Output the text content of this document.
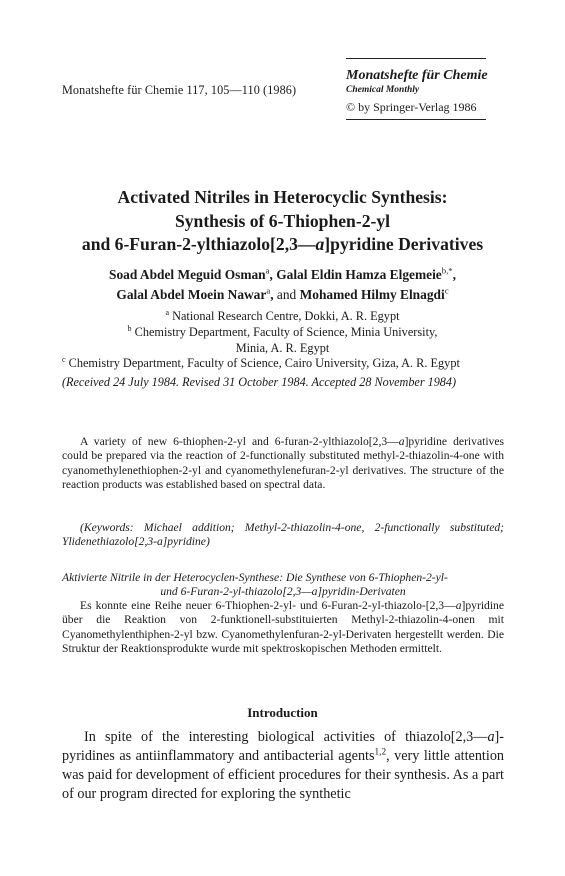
Monatshefte für Chemie 117, 105—110 (1986)
Monatshefte für Chemie
Chemical Monthly
© by Springer-Verlag 1986
Activated Nitriles in Heterocyclic Synthesis:
Synthesis of 6-Thiophen-2-yl
and 6-Furan-2-ylthiazolo[2,3—a]pyridine Derivatives
Soad Abdel Meguid Osman$^a$, Galal Eldin Hamza Elgemeie$^{b,*}$,
Galal Abdel Moein Nawar$^a$, and Mohamed Hilmy Elnagdi$^c$
$^a$ National Research Centre, Dokki, A. R. Egypt
$^b$ Chemistry Department, Faculty of Science, Minia University,
Minia, A. R. Egypt
$^c$ Chemistry Department, Faculty of Science, Cairo University, Giza, A. R. Egypt
(Received 24 July 1984. Revised 31 October 1984. Accepted 28 November 1984)

A variety of new 6-thiophen-2-yl and 6-furan-2-ylthiazolo[2,3—a]pyridine derivatives could be prepared via the reaction of 2-functionally substituted methyl-2-thiazolin-4-one with cyanomethylenethiophen-2-yl and cyanomethylenefuran-2-yl derivatives. The structure of the reaction products was established based on spectral data.

(Keywords: Michael addition; Methyl-2-thiazolin-4-one, 2-functionally substituted; Ylidenethiazolo[2,3-a]pyridine)

Aktivierte Nitrile in der Heterocyclen-Synthese: Die Synthese von 6-Thiophen-2-yl-
und 6-Furan-2-yl-thiazolo[2,3—a]pyridin-Derivaten

Es konnte eine Reihe neuer 6-Thiophen-2-yl- und 6-Furan-2-yl-thiazolo-[2,3—a]pyridine über die Reaktion von 2-funktionell-substituierten Methyl-2-thiazolin-4-onen mit Cyanomethylenthiphen-2-yl bzw. Cyanomethylenfuran-2-yl-Derivaten hergestellt werden. Die Struktur der Reaktionsprodukte wurde mit spektroskopischen Methoden ermittelt.

Introduction

In spite of the interesting biological activities of thiazolo[2,3—a]-pyridines as antiinflammatory and antibacterial agents$^{1,2}$, very little attention was paid for development of efficient procedures for their synthesis. As a part of our program directed for exploring the synthetic
